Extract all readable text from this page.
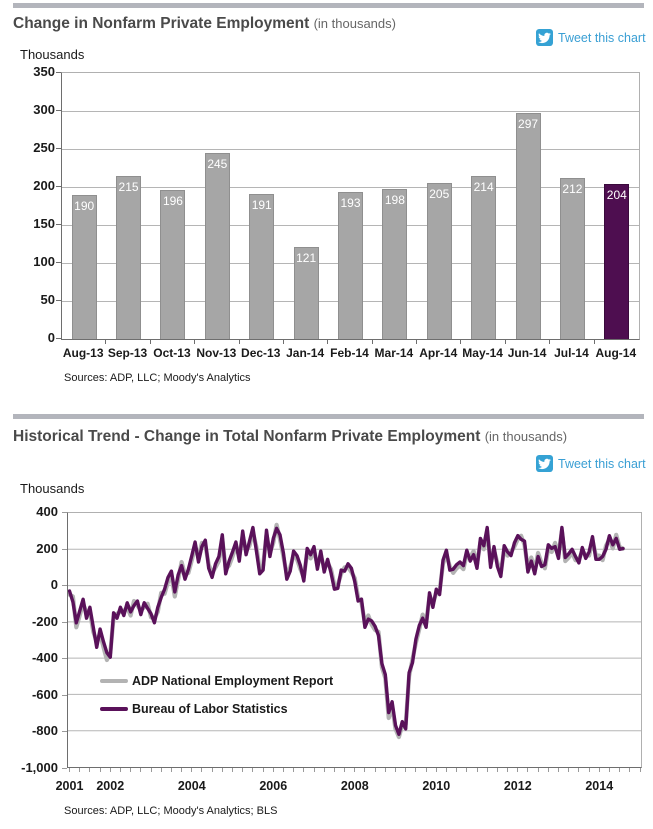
Change in Nonfarm Private Employment (in thousands)
Tweet this chart
Thousands
190
215
196
245
191
121
193 198 205 214
297
212 204
350
300
250
200
150
100
50
0
Aug-13 Sep-13 Oct-13 Nov-13 Dec-13 Jan-14 Feb-14 Mar-14 Apr-14 May-14 Jun-14 Jul-14 Aug-14
Sources: ADP, LLC; Moody's Analytics
Historical Trend - Change in Total Nonfarm Private Employment (in thousands)
Tweet this chart
Thousands
400
200
0
-200
-400
-600
-800
-1,000
2001	2002	2004	2006	2008	2010	2012	2014
ADP National Employment Report
Bureau of Labor Statistics
Sources: ADP, LLC; Moody's Analytics; BLS
